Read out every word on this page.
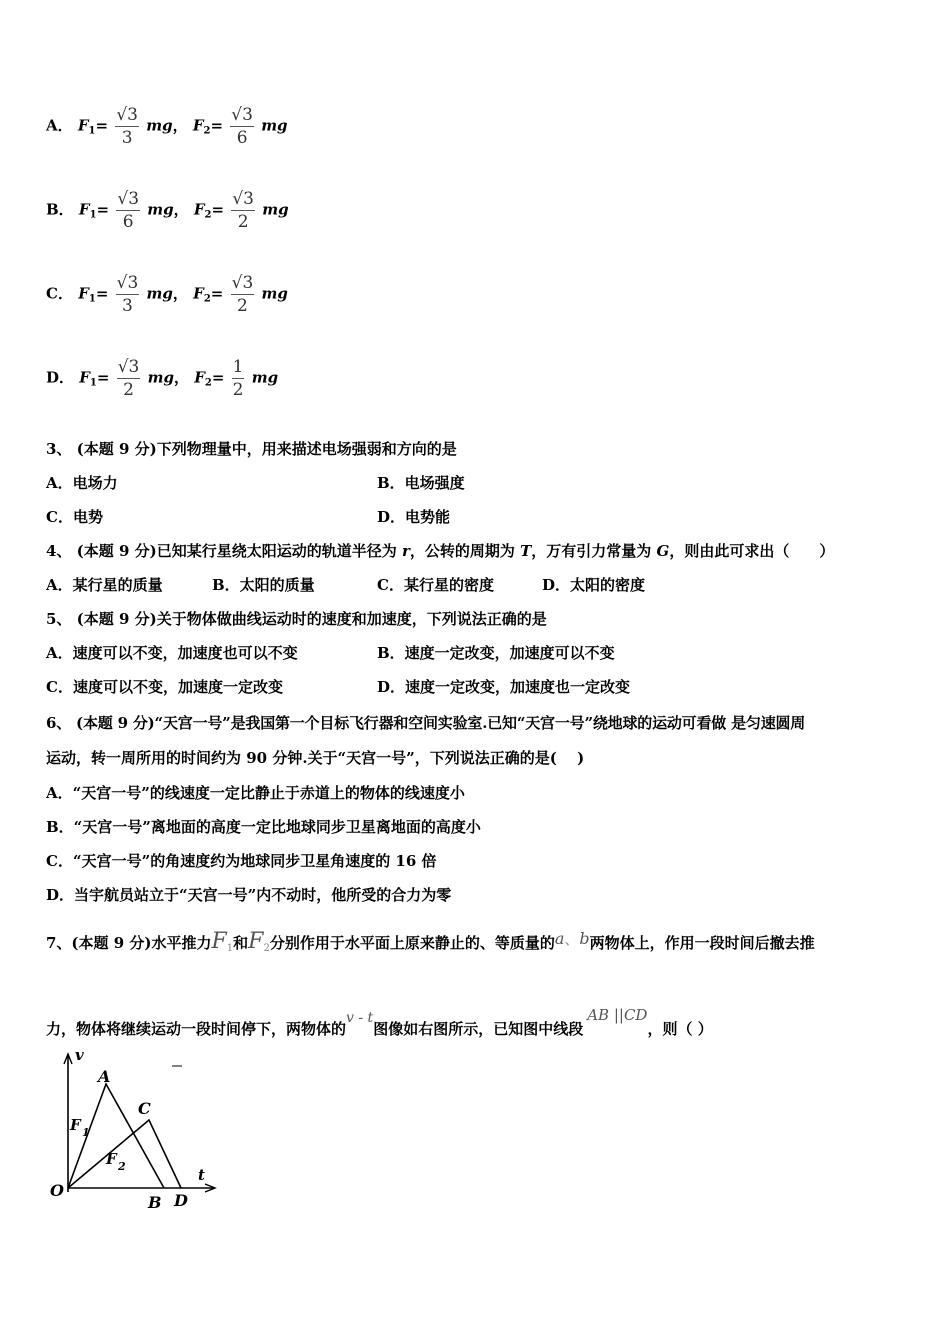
A． $F_1= \frac{√3}{3}$ mg， $F_2= \frac{√3}{6}$ mg
B． $F_1= \frac{√3}{6}$ mg， $F_2= \frac{√3}{2}$ mg
C． $F_1= \frac{√3}{3}$ mg， $F_2= \frac{√3}{2}$ mg
D． $F_1= \frac{√3}{2}$ mg， $F_2= \frac{1}{2}$ mg
3、 (本题 9 分)下列物理量中，用来描述电场强弱和方向的是
A．电场力	B．电场强度
C．电势	D．电势能
4、 (本题 9 分)已知某行星绕太阳运动的轨道半径为 r，公转的周期为 T，万有引力常量为 G，则由此可求出（　　）
A．某行星的质量	B．太阳的质量	C．某行星的密度	D．太阳的密度
5、 (本题 9 分)关于物体做曲线运动时的速度和加速度，下列说法正确的是
A．速度可以不变，加速度也可以不变	B．速度一定改变，加速度可以不变
C．速度可以不变，加速度一定改变	D．速度一定改变，加速度也一定改变
6、 (本题 9 分)“天宫一号”是我国第一个目标飞行器和空间实验室.已知“天宫一号”绕地球的运动可看做 是匀速圆周
运动，转一周所用的时间约为 90 分钟.关于“天宫一号”，下列说法正确的是(　 )
A．“天宫一号”的线速度一定比静止于赤道上的物体的线速度小
B．“天宫一号”离地面的高度一定比地球同步卫星离地面的高度小
C．“天宫一号”的角速度约为地球同步卫星角速度的 16 倍
D．当宇航员站立于“天宫一号”内不动时，他所受的合力为零
7、(本题 9 分)水平推力$F_1$和$F_2$分别作用于水平面上原来静止的、等质量的a、b两物体上，作用一段时间后撤去推
力，物体将继续运动一段时间停下，两物体的v - t图像如右图所示，已知图中线段AB ||CD，则（ ）
v
t
O
A
B
C
D
F 1
F 2
